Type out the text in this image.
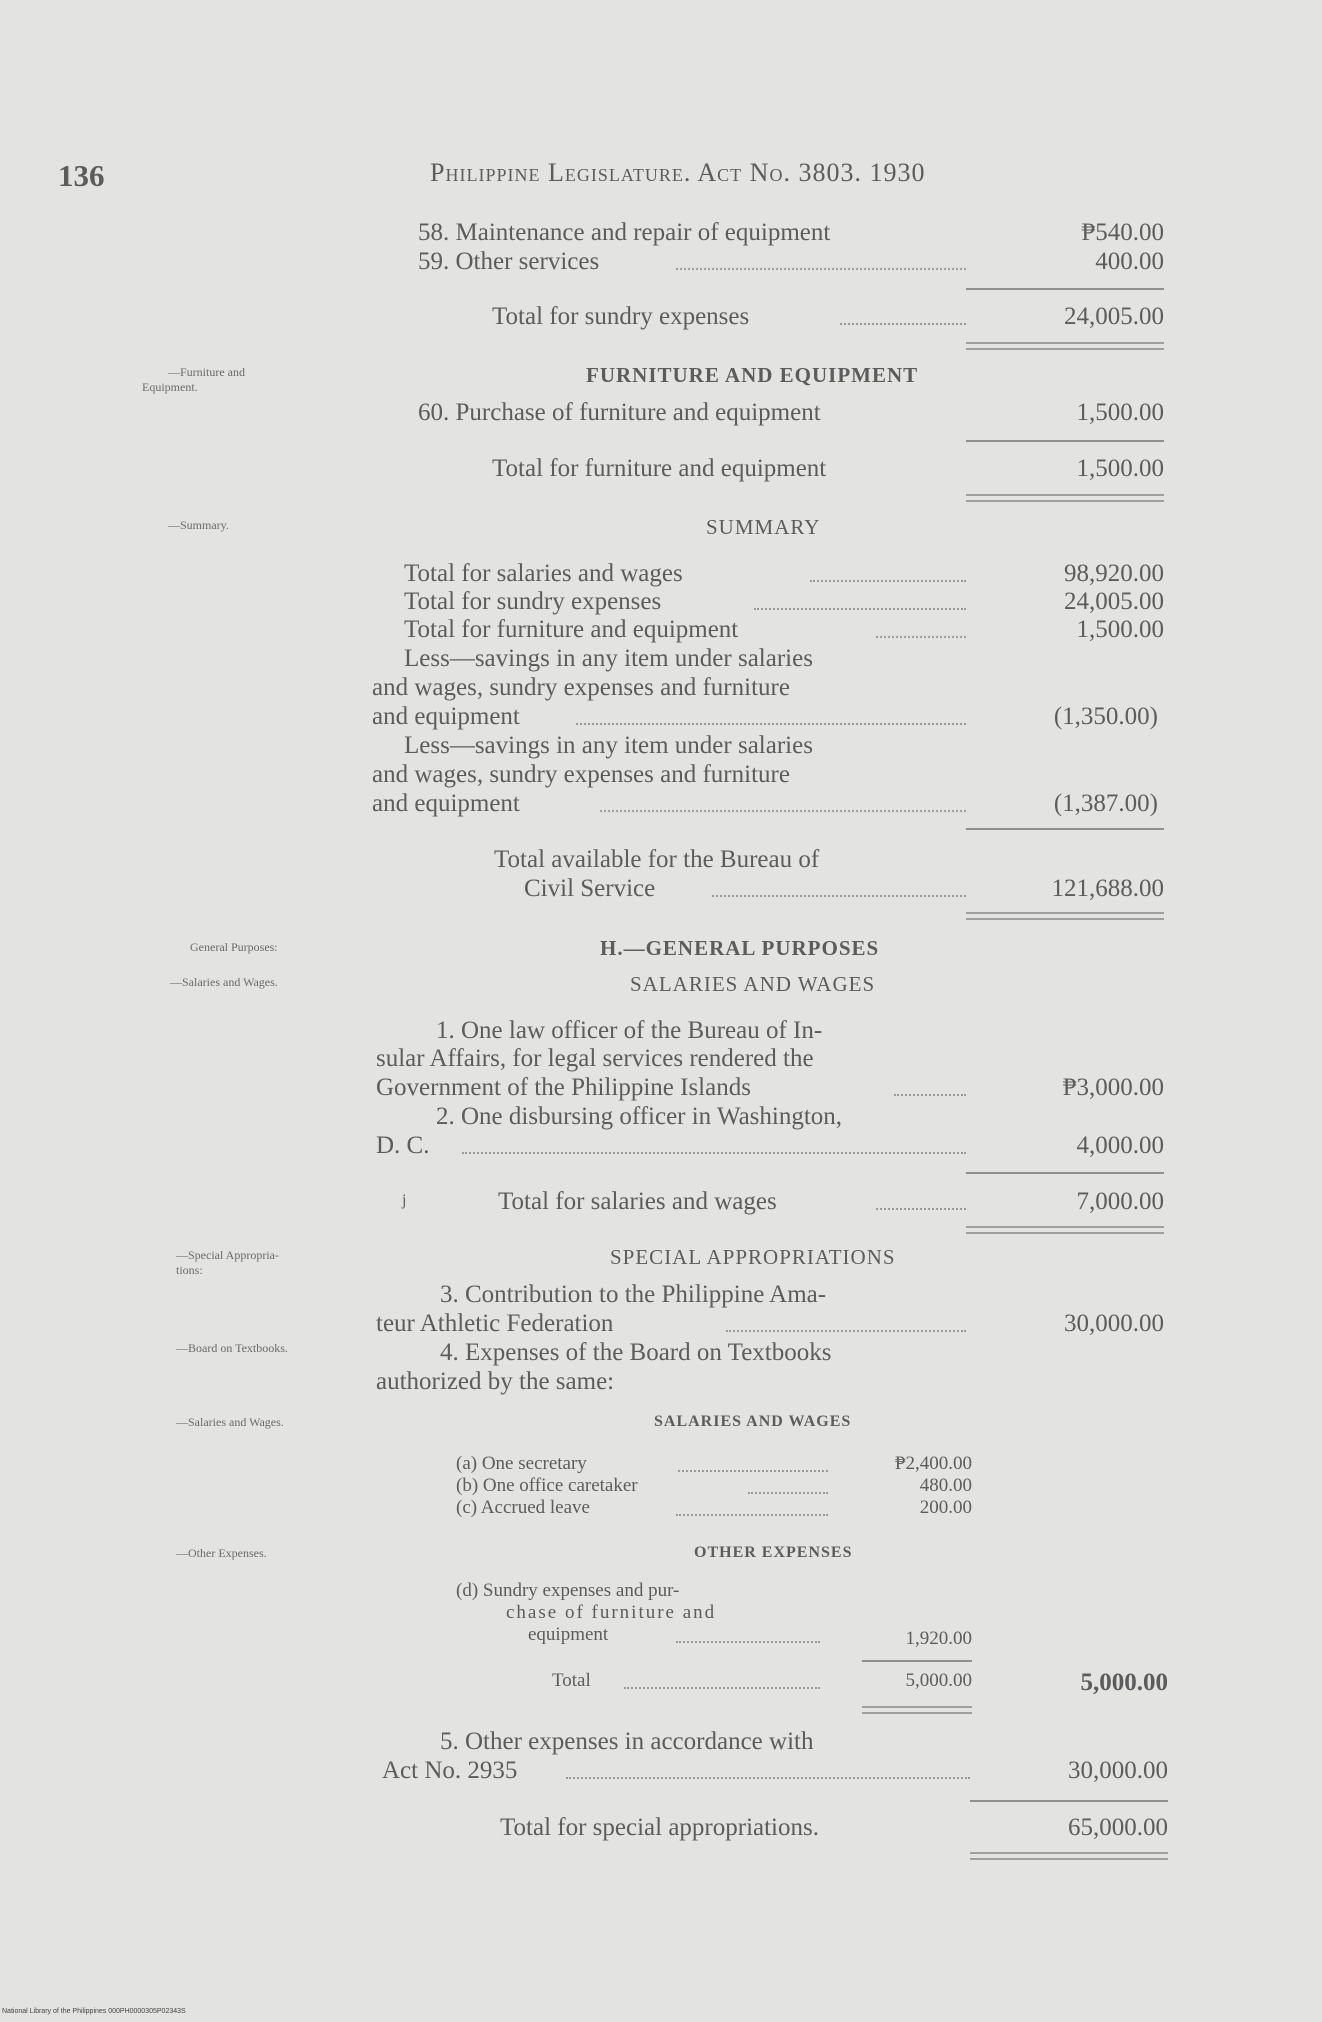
136	Philippine Legislature. Act No. 3803. 1930
58. Maintenance and repair of equipment	₱540.00
59. Other services	400.00
Total for sundry expenses	24,005.00
—Furniture and
Equipment.	FURNITURE AND EQUIPMENT
60. Purchase of furniture and equipment	1,500.00
Total for furniture and equipment	1,500.00
—Summary.	SUMMARY
Total for salaries and wages	98,920.00
Total for sundry expenses	24,005.00
Total for furniture and equipment	1,500.00
Less—savings in any item under salaries
and wages, sundry expenses and furniture
and equipment	(1,350.00)
Less—savings in any item under salaries
and wages, sundry expenses and furniture
and equipment	(1,387.00)
Total available for the Bureau of
Civil Service	121,688.00
General Purposes:	H.—GENERAL PURPOSES
—Salaries and Wages.	SALARIES AND WAGES
1. One law officer of the Bureau of In-
sular Affairs, for legal services rendered the
Government of the Philippine Islands	₱3,000.00
2. One disbursing officer in Washington,
D. C.	4,000.00
j	Total for salaries and wages	7,000.00
—Special Appropria-
tions:
SPECIAL APPROPRIATIONS
3. Contribution to the Philippine Ama-
teur Athletic Federation	30,000.00
—Board on Textbooks.	4. Expenses of the Board on Textbooks
authorized by the same:
—Salaries and Wages.	SALARIES AND WAGES
(a) One secretary	₱2,400.00
(b) One office caretaker	480.00
(c) Accrued leave	200.00
—Other Expenses.	OTHER EXPENSES
(d) Sundry expenses and pur-
chase of furniture and
equipment	1,920.00
Total	5,000.00	5,000.00
5. Other expenses in accordance with
Act No. 2935	30,000.00
Total for special appropriations.	65,000.00
National Library of the Philippines 000PH0000305P02343S
